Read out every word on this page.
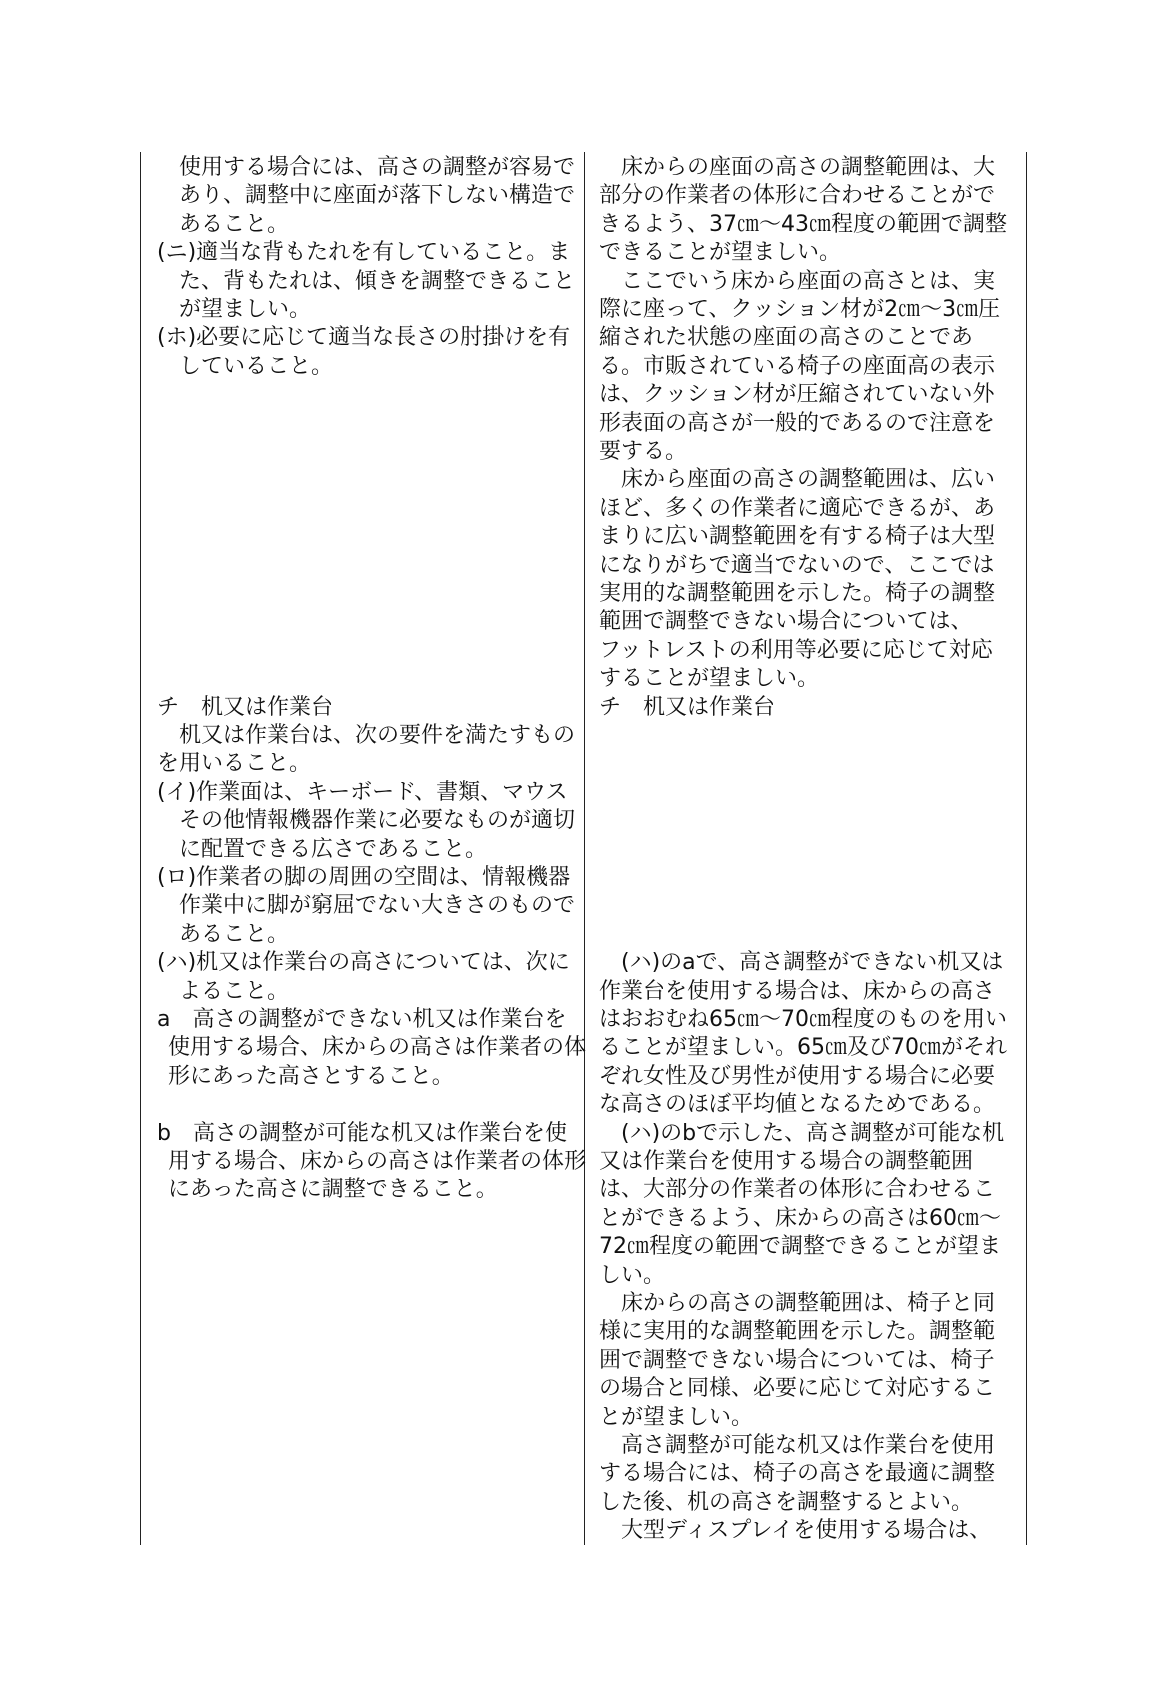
使用する場合には、高さの調整が容易で
あり、調整中に座面が落下しない構造で
あること。
(ニ)適当な背もたれを有していること。ま
た、背もたれは、傾きを調整できること
が望ましい。
(ホ)必要に応じて適当な長さの肘掛けを有
していること。
チ　机又は作業台
机又は作業台は、次の要件を満たすもの
を用いること。
(イ)作業面は、キーボード、書類、マウス
その他情報機器作業に必要なものが適切
に配置できる広さであること。
(ロ)作業者の脚の周囲の空間は、情報機器
作業中に脚が窮屈でない大きさのもので
あること。
(ハ)机又は作業台の高さについては、次に
よること。
a　高さの調整ができない机又は作業台を
使用する場合、床からの高さは作業者の体
形にあった高さとすること。
b　高さの調整が可能な机又は作業台を使
用する場合、床からの高さは作業者の体形
にあった高さに調整できること。
床からの座面の高さの調整範囲は、大
部分の作業者の体形に合わせることがで
きるよう、37㎝～43㎝程度の範囲で調整
できることが望ましい。
ここでいう床から座面の高さとは、実
際に座って、クッション材が2㎝～3㎝圧
縮された状態の座面の高さのことであ
る。市販されている椅子の座面高の表示
は、クッション材が圧縮されていない外
形表面の高さが一般的であるので注意を
要する。
床から座面の高さの調整範囲は、広い
ほど、多くの作業者に適応できるが、あ
まりに広い調整範囲を有する椅子は大型
になりがちで適当でないので、ここでは
実用的な調整範囲を示した。椅子の調整
範囲で調整できない場合については、
フットレストの利用等必要に応じて対応
することが望ましい。
チ　机又は作業台
(ハ)のaで、高さ調整ができない机又は
作業台を使用する場合は、床からの高さ
はおおむね65㎝～70㎝程度のものを用い
ることが望ましい。65㎝及び70㎝がそれ
ぞれ女性及び男性が使用する場合に必要
な高さのほぼ平均値となるためである。
(ハ)のbで示した、高さ調整が可能な机
又は作業台を使用する場合の調整範囲
は、大部分の作業者の体形に合わせるこ
とができるよう、床からの高さは60㎝～
72㎝程度の範囲で調整できることが望ま
しい。
床からの高さの調整範囲は、椅子と同
様に実用的な調整範囲を示した。調整範
囲で調整できない場合については、椅子
の場合と同様、必要に応じて対応するこ
とが望ましい。
高さ調整が可能な机又は作業台を使用
する場合には、椅子の高さを最適に調整
した後、机の高さを調整するとよい。
大型ディスプレイを使用する場合は、
